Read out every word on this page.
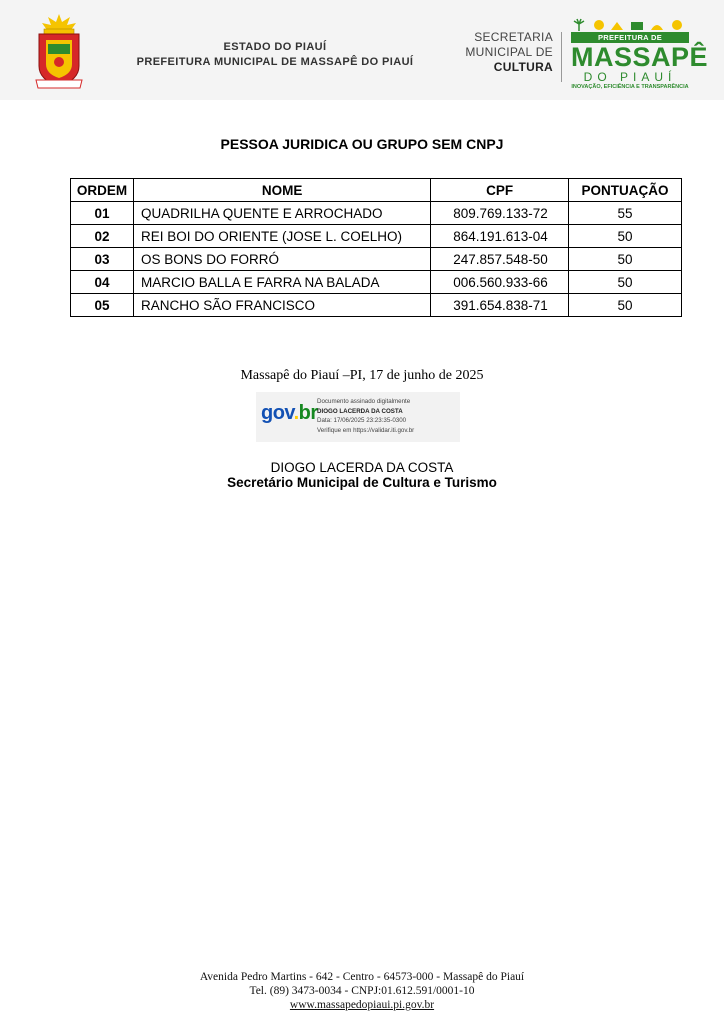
ESTADO DO PIAUÍ
PREFEITURA MUNICIPAL DE MASSAPÊ DO PIAUÍ
SECRETARIA
MUNICIPAL DE
CULTURA
PREFEITURA DE
MASSAPÊ
DO PIAUÍ
INOVAÇÃO, EFICIÊNCIA E TRANSPARÊNCIA
PESSOA JURIDICA OU GRUPO SEM CNPJ
ORDEM	NOME	CPF	PONTUAÇÃO
01	QUADRILHA QUENTE E ARROCHADO	809.769.133-72	55
02	REI BOI DO ORIENTE (JOSE L. COELHO)	864.191.613-04	50
03	OS BONS DO FORRÓ	247.857.548-50	50
04	MARCIO BALLA E FARRA NA BALADA	006.560.933-66	50
05	RANCHO SÃO FRANCISCO	391.654.838-71	50
Massapê do Piauí –PI, 17 de junho de 2025
gov.br
Documento assinado digitalmente
DIOGO LACERDA DA COSTA
Data: 17/06/2025 23:23:35-0300
Verifique em https://validar.iti.gov.br
DIOGO LACERDA DA COSTA
Secretário Municipal de Cultura e Turismo
Avenida Pedro Martins - 642 - Centro - 64573-000 - Massapê do Piauí
Tel. (89) 3473-0034 - CNPJ:01.612.591/0001-10
www.massapedopiaui.pi.gov.br
